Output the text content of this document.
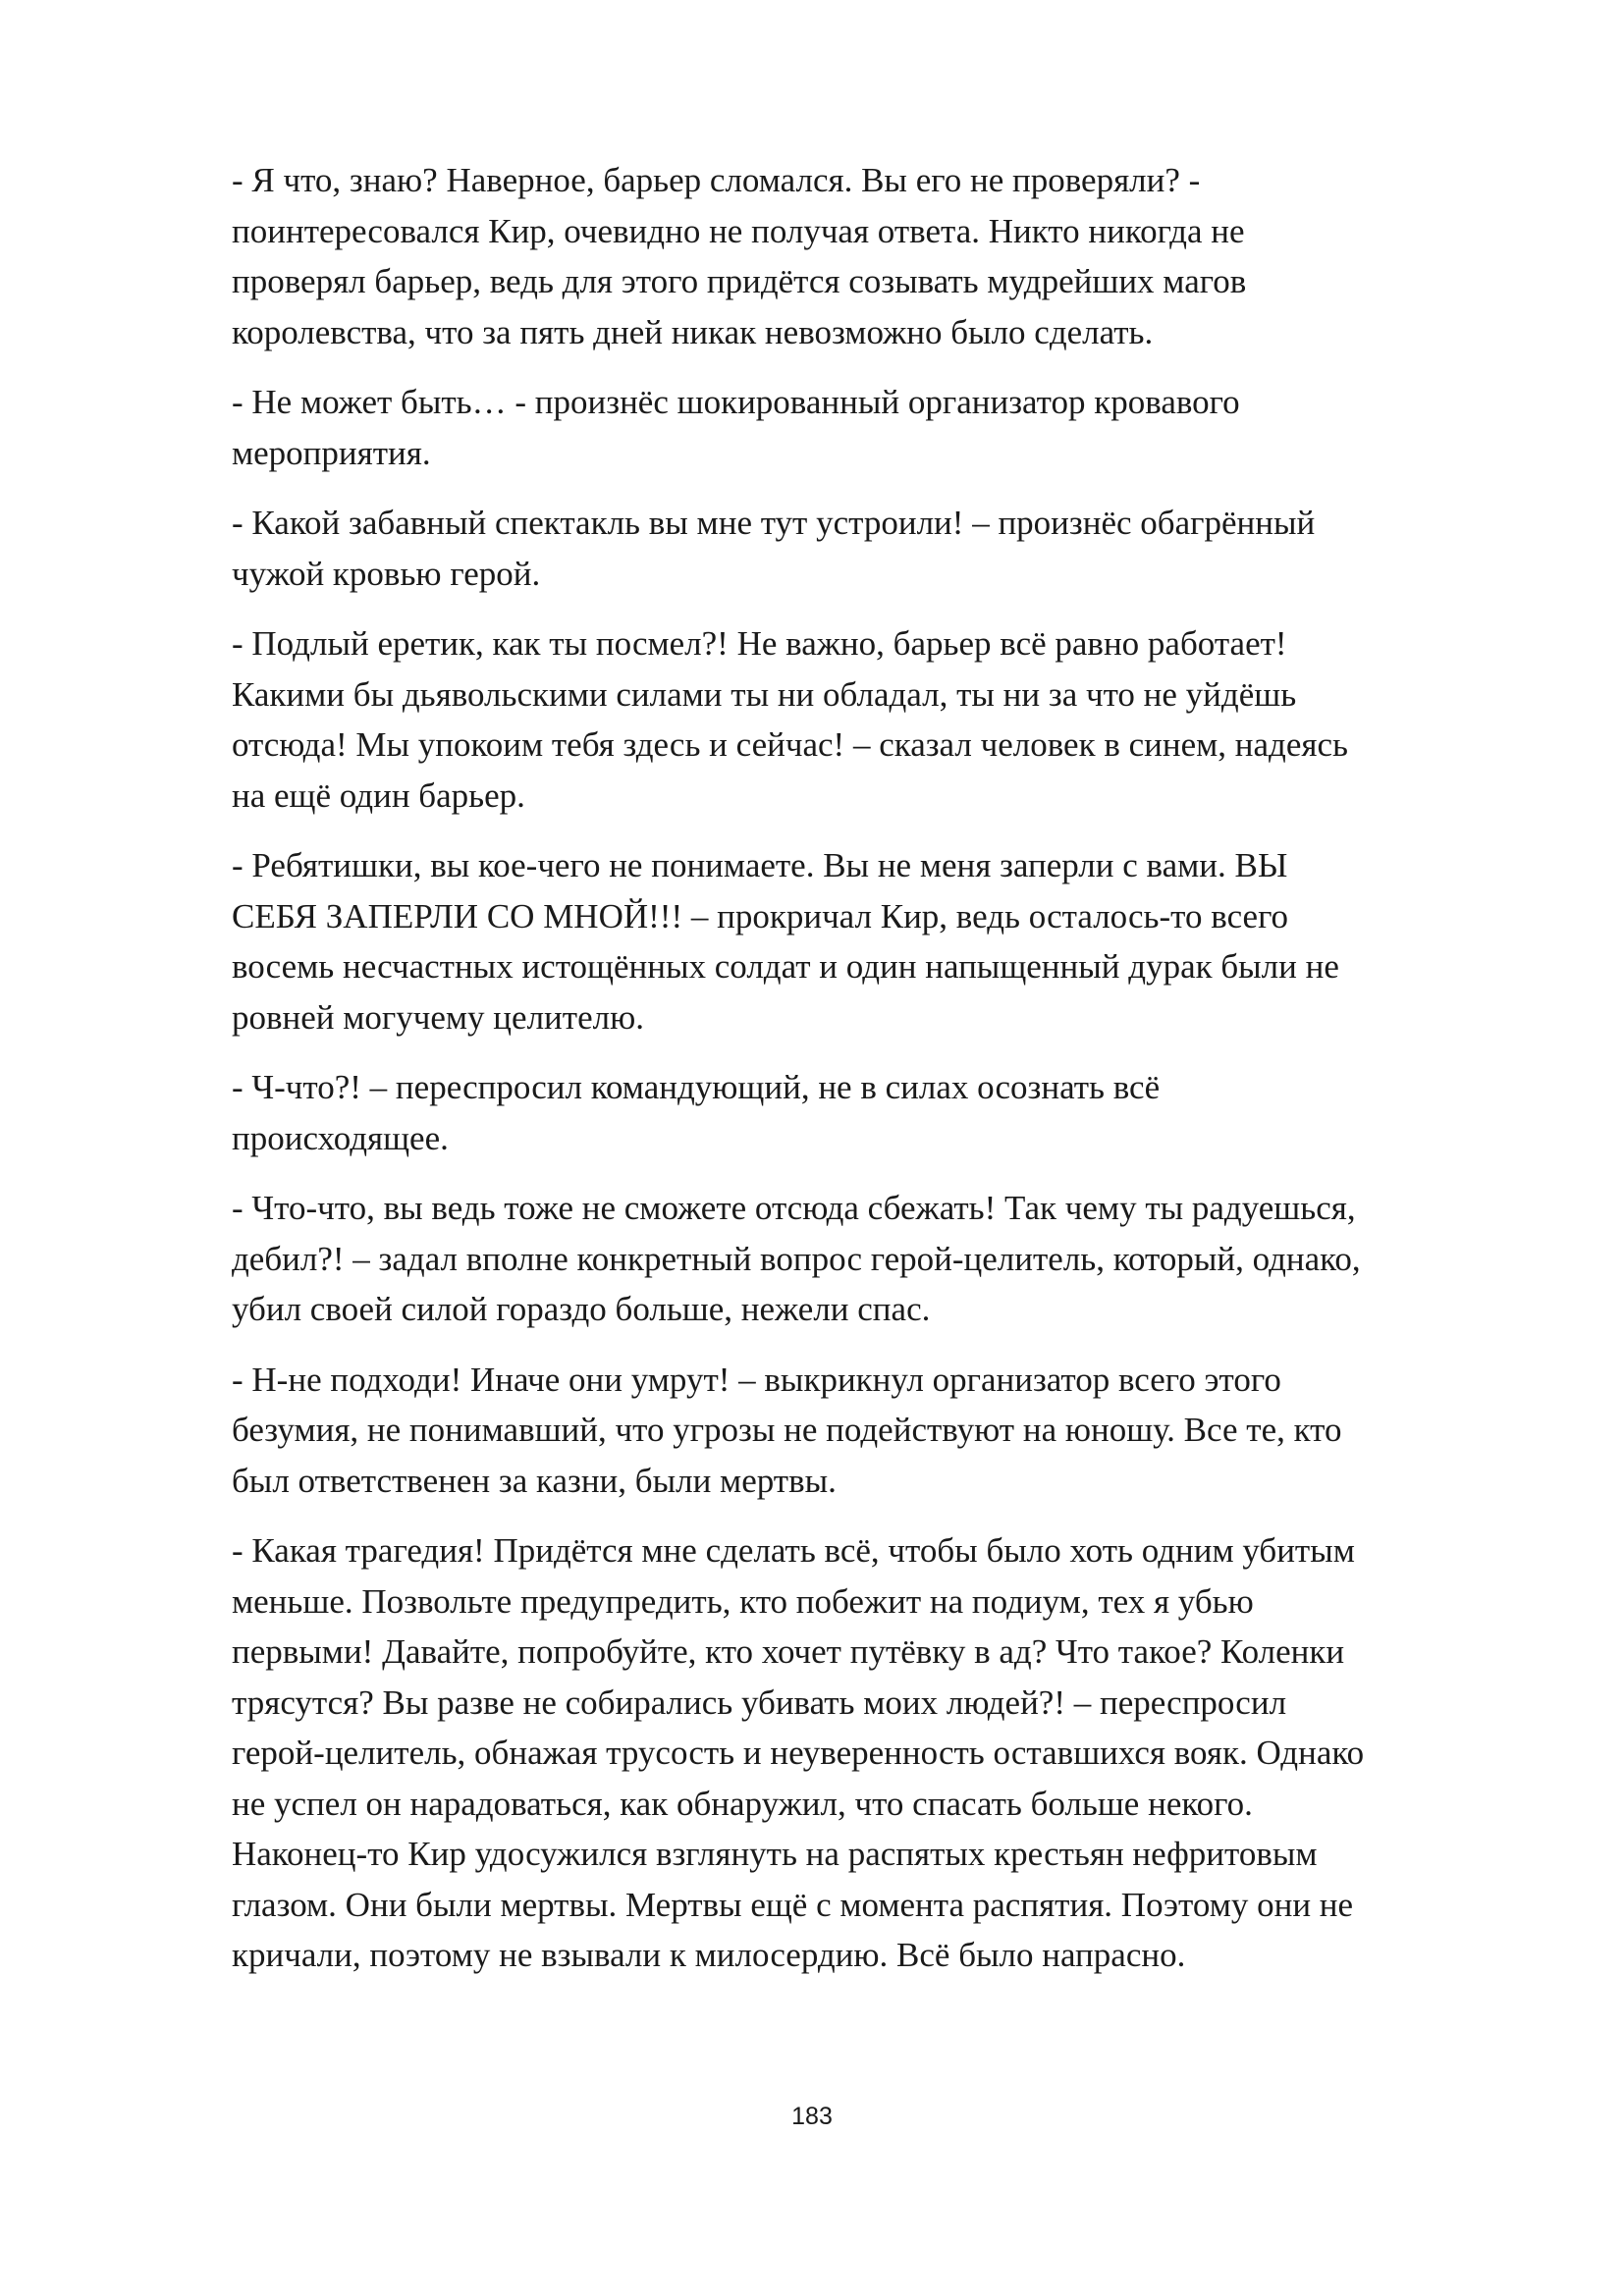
- Я что, знаю? Наверное, барьер сломался. Вы его не проверяли? -
поинтересовался Кир, очевидно не получая ответа. Никто никогда не
проверял барьер, ведь для этого придётся созывать мудрейших магов
королевства, что за пять дней никак невозможно было сделать.

- Не может быть… - произнёс шокированный организатор кровавого
мероприятия.

- Какой забавный спектакль вы мне тут устроили! – произнёс обагрённый
чужой кровью герой.

- Подлый еретик, как ты посмел?! Не важно, барьер всё равно работает!
Какими бы дьявольскими силами ты ни обладал, ты ни за что не уйдёшь
отсюда! Мы упокоим тебя здесь и сейчас! – сказал человек в синем, надеясь
на ещё один барьер.

- Ребятишки, вы кое-чего не понимаете. Вы не меня заперли с вами. ВЫ
СЕБЯ ЗАПЕРЛИ СО МНОЙ!!! – прокричал Кир, ведь осталось-то всего
восемь несчастных истощённых солдат и один напыщенный дурак были не
ровней могучему целителю.

- Ч-что?! – переспросил командующий, не в силах осознать всё
происходящее.

- Что-что, вы ведь тоже не сможете отсюда сбежать! Так чему ты радуешься,
дебил?! – задал вполне конкретный вопрос герой-целитель, который, однако,
убил своей силой гораздо больше, нежели спас.

- Н-не подходи! Иначе они умрут! – выкрикнул организатор всего этого
безумия, не понимавший, что угрозы не подействуют на юношу. Все те, кто
был ответственен за казни, были мертвы.

- Какая трагедия! Придётся мне сделать всё, чтобы было хоть одним убитым
меньше. Позвольте предупредить, кто побежит на подиум, тех я убью
первыми! Давайте, попробуйте, кто хочет путёвку в ад? Что такое? Коленки
трясутся? Вы разве не собирались убивать моих людей?! – переспросил
герой-целитель, обнажая трусость и неуверенность оставшихся вояк. Однако
не успел он нарадоваться, как обнаружил, что спасать больше некого.
Наконец-то Кир удосужился взглянуть на распятых крестьян нефритовым
глазом. Они были мертвы. Мертвы ещё с момента распятия. Поэтому они не
кричали, поэтому не взывали к милосердию. Всё было напрасно.

183
